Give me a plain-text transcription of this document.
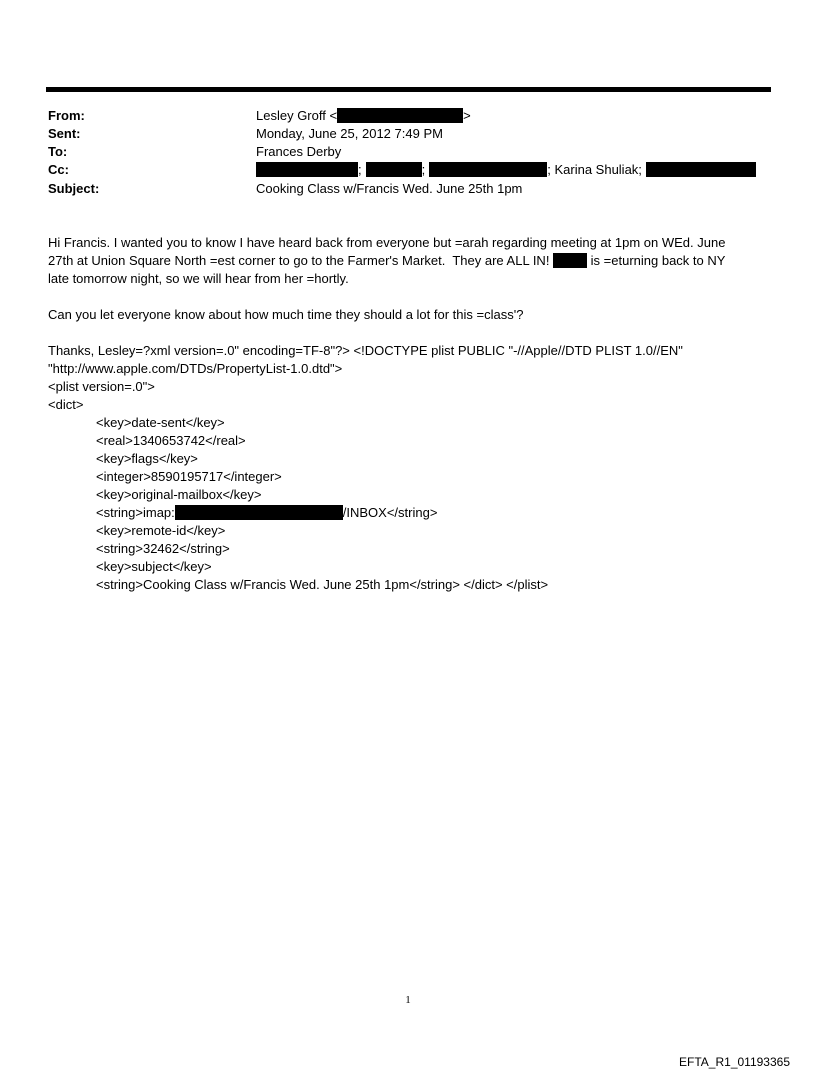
From:	Lesley Groff <	>
Sent:	Monday, June 25, 2012 7:49 PM
To:	Frances Derby
Cc:	;	;	; Karina Shuliak;
Subject:	Cooking Class w/Francis Wed. June 25th 1pm

Hi Francis. I wanted you to know I have heard back from everyone but =arah regarding meeting at 1pm on WEd. June

27th at Union Square North =est corner to go to the Farmer's Market.  They are ALL IN!	is =eturning back to NY

late tomorrow night, so we will hear from her =hortly.

Can you let everyone know about how much time they should a lot for this =class'?

Thanks, Lesley=?xml version=.0" encoding=TF-8"?> <!DOCTYPE plist PUBLIC "-//Apple//DTD PLIST 1.0//EN"

"http://www.apple.com/DTDs/PropertyList-1.0.dtd">

<plist version=.0">

<dict>

<key>date-sent</key>
<real>1340653742</real>
<key>flags</key>
<integer>8590195717</integer>
<key>original-mailbox</key>
<string>imap:	/INBOX</string>
<key>remote-id</key>
<string>32462</string>
<key>subject</key>
<string>Cooking Class w/Francis Wed. June 25th 1pm</string> </dict> </plist>
1
EFTA_R1_01193365
